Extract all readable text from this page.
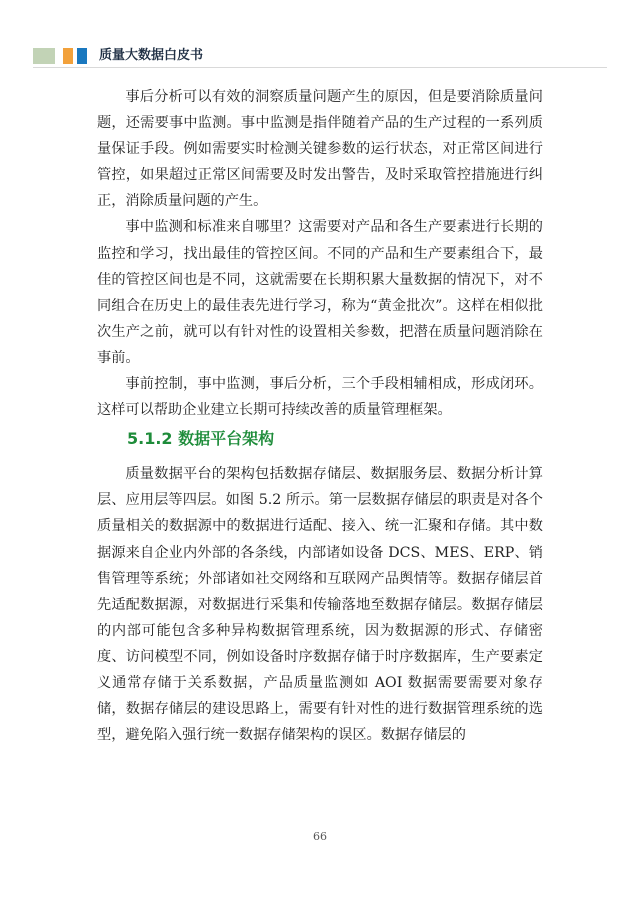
质量大数据白皮书

事后分析可以有效的洞察质量问题产生的原因，但是要消除质量问题，还需要事中监测。事中监测是指伴随着产品的生产过程的一系列质量保证手段。例如需要实时检测关键参数的运行状态，对正常区间进行管控，如果超过正常区间需要及时发出警告，及时采取管控措施进行纠正，消除质量问题的产生。

事中监测和标准来自哪里？这需要对产品和各生产要素进行长期的监控和学习，找出最佳的管控区间。不同的产品和生产要素组合下，最佳的管控区间也是不同，这就需要在长期积累大量数据的情况下，对不同组合在历史上的最佳表先进行学习，称为“黄金批次”。这样在相似批次生产之前，就可以有针对性的设置相关参数，把潜在质量问题消除在事前。

事前控制，事中监测，事后分析，三个手段相辅相成，形成闭环。这样可以帮助企业建立长期可持续改善的质量管理框架。

5.1.2 数据平台架构

质量数据平台的架构包括数据存储层、数据服务层、数据分析计算层、应用层等四层。如图 5.2 所示。第一层数据存储层的职责是对各个质量相关的数据源中的数据进行适配、接入、统一汇聚和存储。其中数据源来自企业内外部的各条线，内部诸如设备 DCS、MES、ERP、销售管理等系统；外部诸如社交网络和互联网产品舆情等。数据存储层首先适配数据源，对数据进行采集和传输落地至数据存储层。数据存储层的内部可能包含多种异构数据管理系统，因为数据源的形式、存储密度、访问模型不同，例如设备时序数据存储于时序数据库，生产要素定义通常存储于关系数据，产品质量监测如 AOI 数据需要需要对象存储，数据存储层的建设思路上，需要有针对性的进行数据管理系统的选型，避免陷入强行统一数据存储架构的误区。数据存储层的

66
